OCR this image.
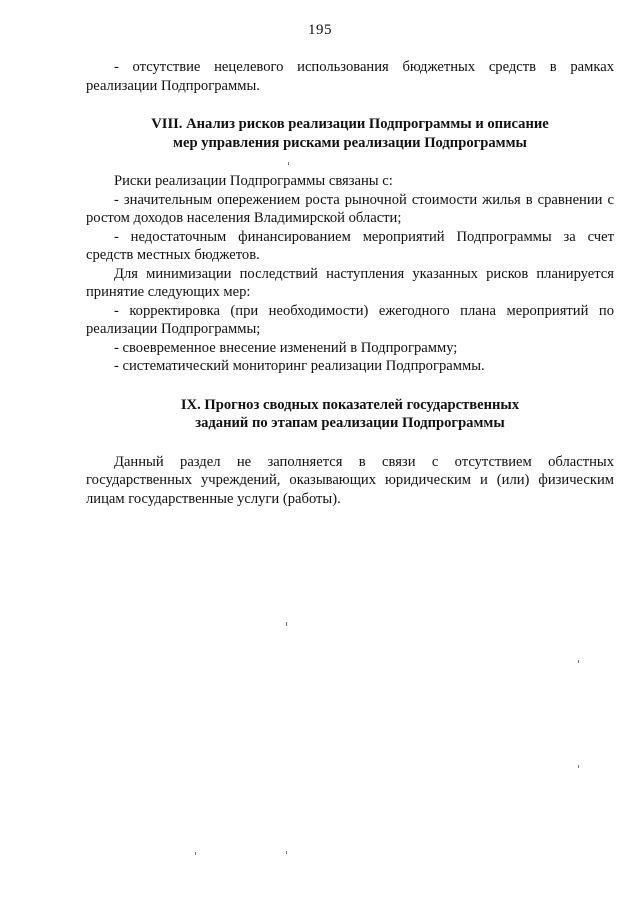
195

- отсутствие нецелевого использования бюджетных средств в рамках реализации Подпрограммы.

VIII. Анализ рисков реализации Подпрограммы и описание
мер управления рисками реализации Подпрограммы

Риски реализации Подпрограммы связаны с:

- значительным опережением роста рыночной стоимости жилья в сравнении с ростом доходов населения Владимирской области;

- недостаточным финансированием мероприятий Подпрограммы за счет средств местных бюджетов.

Для минимизации последствий наступления указанных рисков планируется принятие следующих мер:

- корректировка (при необходимости) ежегодного плана мероприятий по реализации Подпрограммы;

- своевременное внесение изменений в Подпрограмму;

- систематический мониторинг реализации Подпрограммы.

IX. Прогноз сводных показателей государственных
заданий по этапам реализации Подпрограммы

Данный раздел не заполняется в связи с отсутствием областных государственных учреждений, оказывающих юридическим и (или) физическим лицам государственные услуги (работы).
